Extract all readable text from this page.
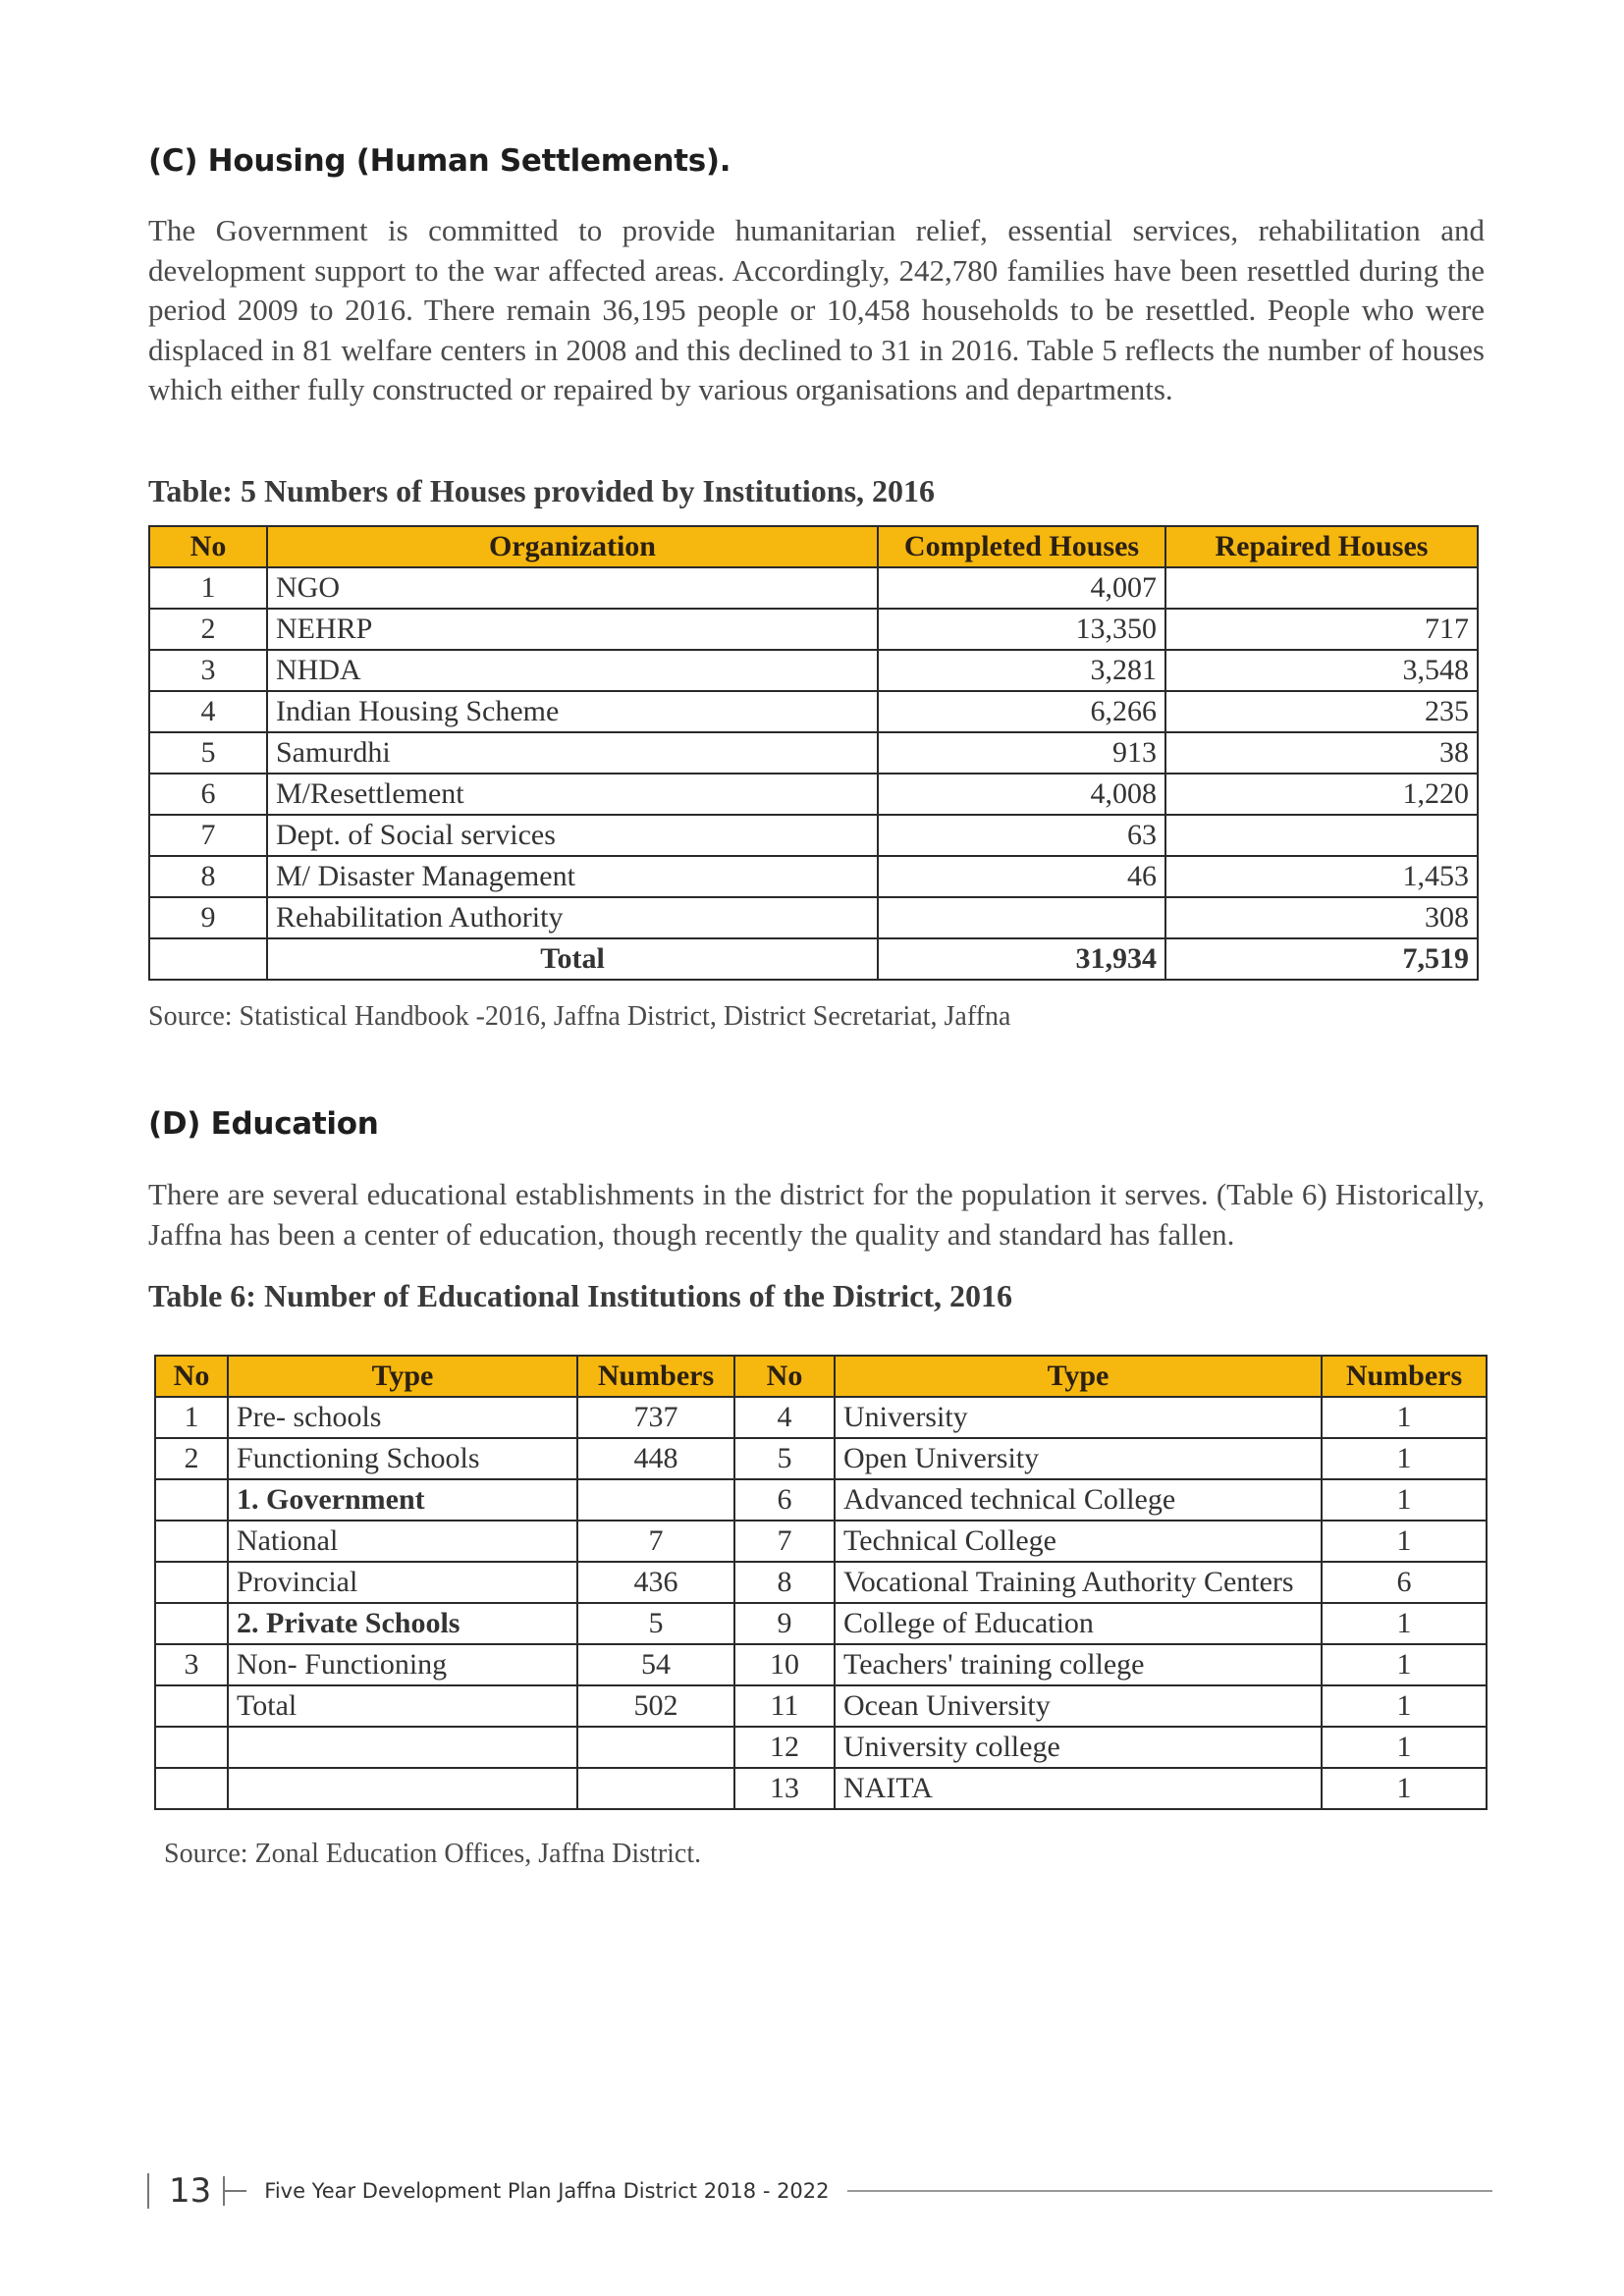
(C) Housing (Human Settlements).

The Government is committed to provide humanitarian relief, essential services, rehabilitation and development support to the war affected areas. Accordingly, 242,780 families have been resettled during the period 2009 to 2016. There remain 36,195 people or 10,458 households to be resettled. People who were displaced in 81 welfare centers in 2008 and this declined to 31 in 2016. Table 5 reflects the number of houses which either fully constructed or repaired by various organisations and departments.

Table: 5 Numbers of Houses provided by Institutions, 2016
No	Organization	Completed Houses	Repaired Houses
1	NGO	4,007	
2	NEHRP	13,350	717
3	NHDA	3,281	3,548
4	Indian Housing Scheme	6,266	235
5	Samurdhi	913	38
6	M/Resettlement	4,008	1,220
7	Dept. of Social services	63	
8	M/ Disaster Management	46	1,453
9	Rehabilitation Authority		308
	Total	31,934	7,519
Source: Statistical Handbook -2016, Jaffna District, District Secretariat, Jaffna
(D) Education

There are several educational establishments in the district for the population it serves. (Table 6) Historically, Jaffna has been a center of education, though recently the quality and standard has fallen.

Table 6: Number of Educational Institutions of the District, 2016
No	Type	Numbers	No	Type	Numbers
1	Pre- schools	737	4	University	1
2	Functioning Schools	448	5	Open University	1
	1. Government		6	Advanced technical College	1
	National	7	7	Technical College	1
	Provincial	436	8	Vocational Training Authority Centers	6
	2. Private Schools	5	9	College of Education	1
3	Non- Functioning	54	10	Teachers' training college	1
	Total	502	11	Ocean University	1
			12	University college	1
			13	NAITA	1
Source: Zonal Education Offices, Jaffna District.
13	Five Year Development Plan Jaffna District 2018 - 2022
